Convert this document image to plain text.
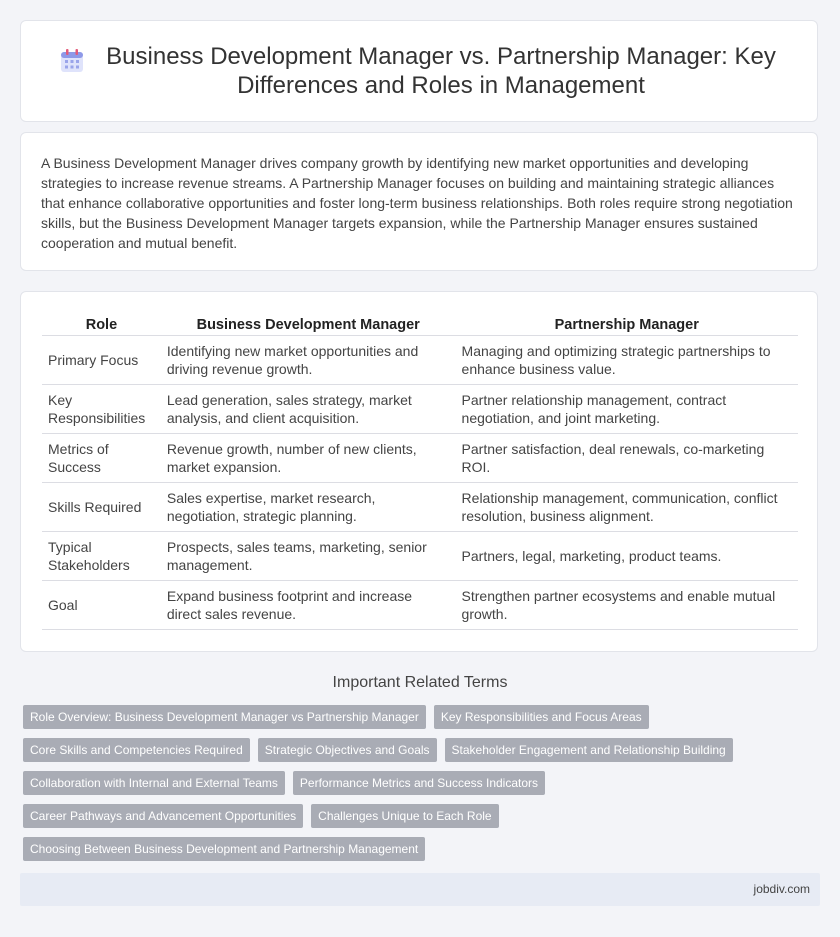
Business Development Manager vs. Partnership Manager: Key Differences and Roles in Management

A Business Development Manager drives company growth by identifying new market opportunities and developing strategies to increase revenue streams. A Partnership Manager focuses on building and maintaining strategic alliances that enhance collaborative opportunities and foster long-term business relationships. Both roles require strong negotiation skills, but the Business Development Manager targets expansion, while the Partnership Manager ensures sustained cooperation and mutual benefit.

Role	Business Development Manager	Partnership Manager
Primary Focus	Identifying new market opportunities and driving revenue growth.	Managing and optimizing strategic partnerships to enhance business value.
Key Responsibilities	Lead generation, sales strategy, market analysis, and client acquisition.	Partner relationship management, contract negotiation, and joint marketing.
Metrics of Success	Revenue growth, number of new clients, market expansion.	Partner satisfaction, deal renewals, co-marketing ROI.
Skills Required	Sales expertise, market research, negotiation, strategic planning.	Relationship management, communication, conflict resolution, business alignment.
Typical Stakeholders	Prospects, sales teams, marketing, senior management.	Partners, legal, marketing, product teams.
Goal	Expand business footprint and increase direct sales revenue.	Strengthen partner ecosystems and enable mutual growth.
Important Related Terms
Role Overview: Business Development Manager vs Partnership Manager	Key Responsibilities and Focus Areas
Core Skills and Competencies Required	Strategic Objectives and Goals	Stakeholder Engagement and Relationship Building
Collaboration with Internal and External Teams	Performance Metrics and Success Indicators
Career Pathways and Advancement Opportunities	Challenges Unique to Each Role
Choosing Between Business Development and Partnership Management
jobdiv.com
